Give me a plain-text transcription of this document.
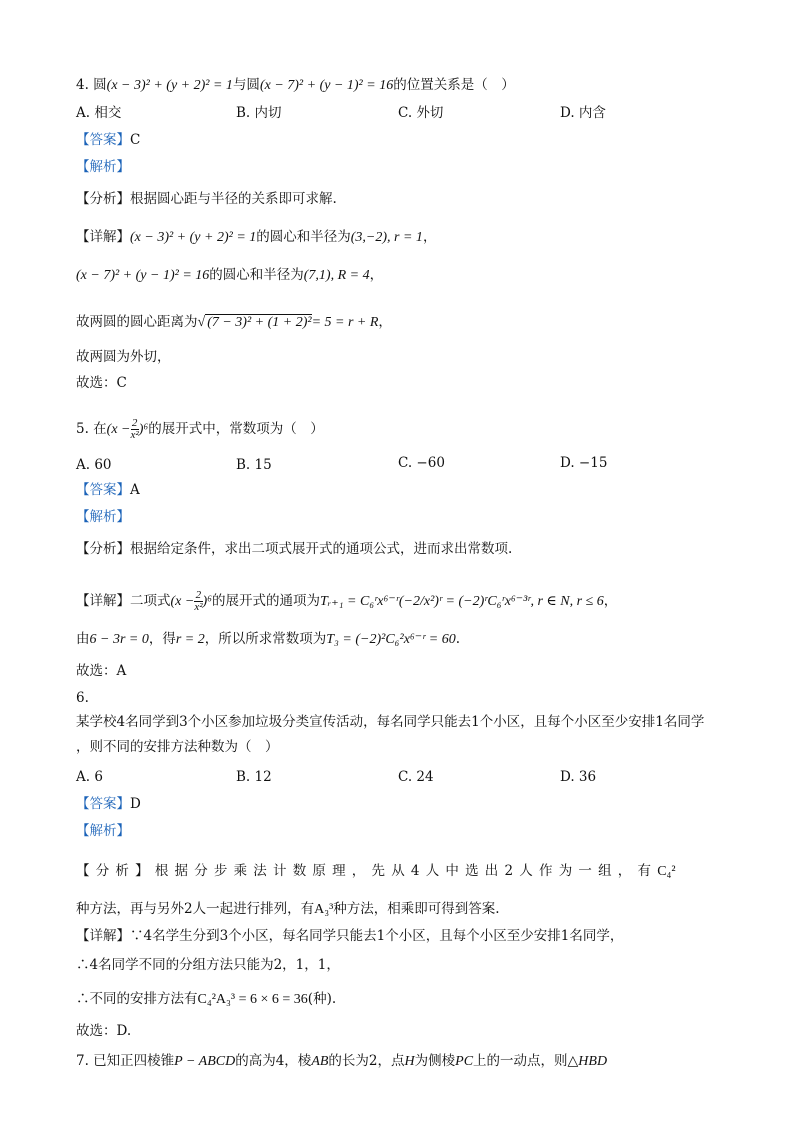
4. 圆(x − 3)² + (y + 2)² = 1与圆(x − 7)² + (y − 1)² = 16的位置关系是（　）
A. 相交	B. 内切	C. 外切	D. 内含
【答案】C
【解析】
【分析】根据圆心距与半径的关系即可求解.
【详解】(x − 3)² + (y + 2)² = 1的圆心和半径为(3,−2), r = 1，
(x − 7)² + (y − 1)² = 16的圆心和半径为(7,1), R = 4，
故两圆的圆心距离为√ (7 − 3)² + (1 + 2)²= 5 = r + R，
故两圆为外切，
故选：C
5. 在$(x - \frac{2}{\text{x²}} )^6$的展开式中，常数项为（　）
A. 60	B. 15	C. −60	D. −15
【答案】A
【解析】
【分析】根据给定条件，求出二项式展开式的通项公式，进而求出常数项.
【详解】二项式$(x - \frac{2}{\text{x²}} )^6$的展开式的通项为Tᵣ₊₁ = C₆ʳx⁶⁻ʳ(−2/x²)ʳ = (−2)ʳC₆ʳx⁶⁻³ʳ, r ∈ N, r ≤ 6，
由6 − 3r = 0，得r = 2，所以所求常数项为T₃ = (−2)²C₆²x⁶⁻ʳ = 60.
故选：A
6.
某学校4名同学到3个小区参加垃圾分类宣传活动，每名同学只能去1个小区，且每个小区至少安排1名同学
，则不同的安排方法种数为（　）
A. 6	B. 12	C. 24	D. 36
【答案】D
【解析】
【分析】根据分步乘法计数原理，先从4人中选出2人作为一组，有C₄²
种方法，再与另外2人一起进行排列，有A₃³种方法，相乘即可得到答案.
【详解】∵4名学生分到3个小区，每名同学只能去1个小区，且每个小区至少安排1名同学，
∴4名同学不同的分组方法只能为2，1，1，
∴不同的安排方法有C₄²A₃³ = 6 × 6 = 36(种).
故选：D.
7. 已知正四棱锥P − ABCD的高为4，棱AB的长为2，点H为侧棱PC上的一动点，则△HBD
